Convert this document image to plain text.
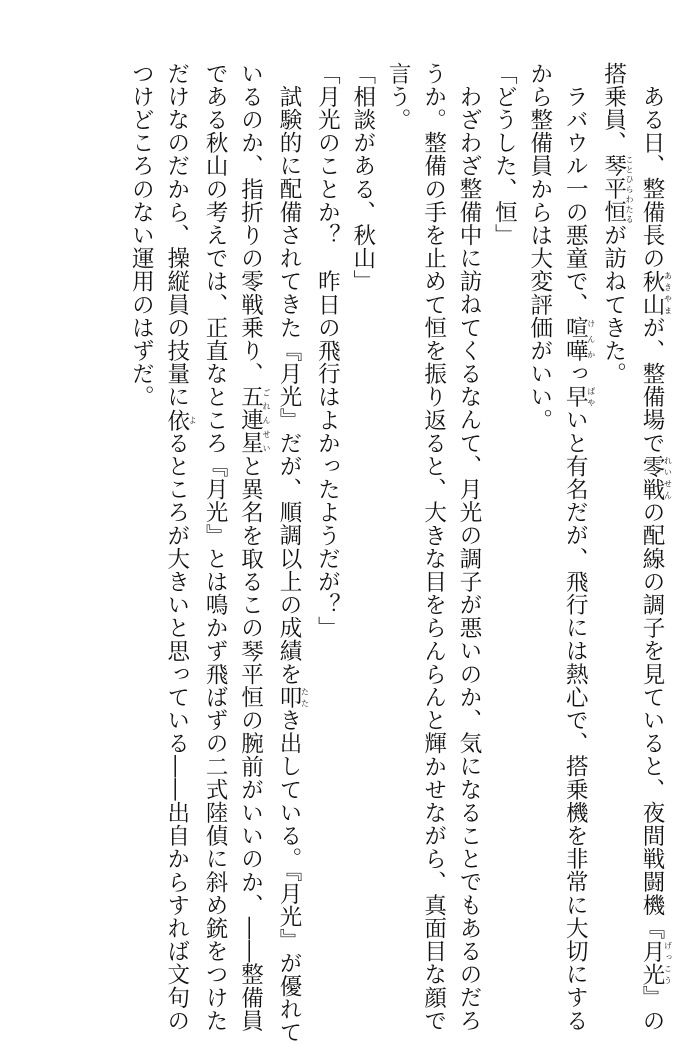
ある日、整備長の秋山あきやまが、整備場で零戦れいせんの配線の調子を見ていると、夜間戦闘機『月光げっこう』の
搭乗員、琴平恒ことひらわたるが訪ねてきた。
ラバウル一の悪童で、喧嘩けんかっ早ばやいと有名だが、飛行には熱心で、搭乗機を非常に大切にする
から整備員からは大変評価がいい。
「どうした、恒」
わざわざ整備中に訪ねてくるなんて、月光の調子が悪いのか、気になることでもあるのだろ
うか。整備の手を止めて恒を振り返ると、大きな目をらんらんと輝かせながら、真面目な顔で
言う。
「相談がある、秋山」
「月光のことか？　昨日の飛行はよかったようだが？」
試験的に配備されてきた『月光』だが、順調以上の成績を叩たたき出している。『月光』が優れて
いるのか、指折りの零戦乗り、五連星ごれんせいと異名を取るこの琴平恒の腕前がいいのか、――整備員
である秋山の考えでは、正直なところ『月光』とは鳴かず飛ばずの二式陸偵に斜め銃をつけた
だけなのだから、操縦員の技量に依よるところが大きいと思っている――出自からすれば文句の
つけどころのない運用のはずだ。
